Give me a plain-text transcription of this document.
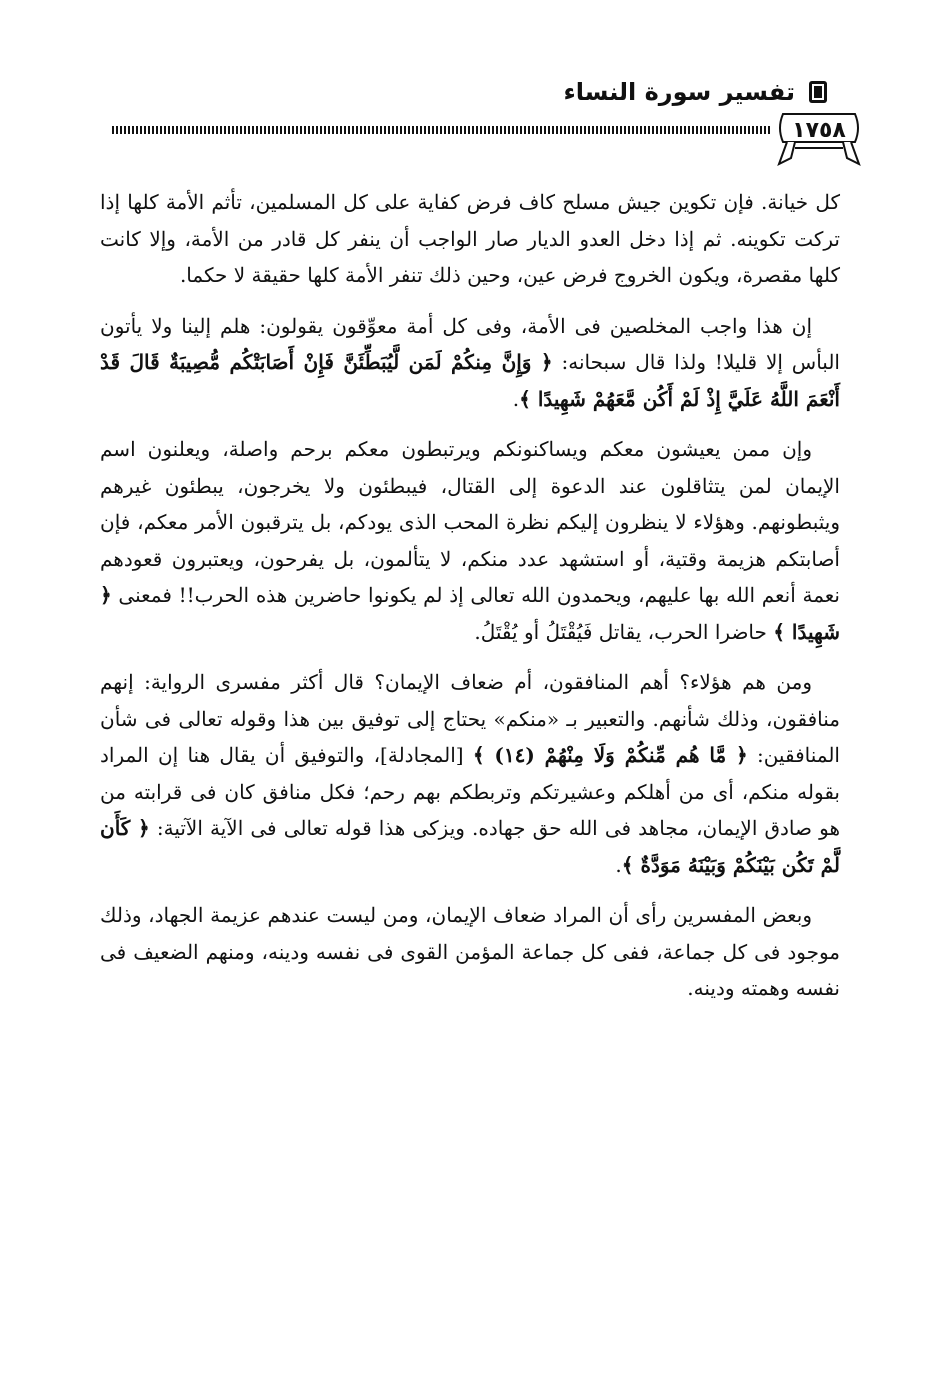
تفسير سورة النساء
١٧٥٨

كل خيانة. فإن تكوين جيش مسلح كاف فرض كفاية على كل المسلمين، تأثم الأمة كلها إذا تركت تكوينه. ثم إذا دخل العدو الديار صار الواجب أن ينفر كل قادر من الأمة، وإلا كانت كلها مقصرة، ويكون الخروج فرض عين، وحين ذلك تنفر الأمة كلها حقيقة لا حكما.

إن هذا واجب المخلصين فى الأمة، وفى كل أمة معوِّقون يقولون: هلم إلينا ولا يأتون البأس إلا قليلا! ولذا قال سبحانه: ﴿ وَإِنَّ مِنكُمْ لَمَن لَّيُبَطِّئَنَّ فَإِنْ أَصَابَتْكُم مُّصِيبَةٌ قَالَ قَدْ أَنْعَمَ اللَّهُ عَلَيَّ إِذْ لَمْ أَكُن مَّعَهُمْ شَهِيدًا ﴾.

وإن ممن يعيشون معكم ويساكنونكم ويرتبطون معكم برحم واصلة، ويعلنون اسم الإيمان لمن يتثاقلون عند الدعوة إلى القتال، فيبطئون ولا يخرجون، يبطئون غيرهم ويثبطونهم. وهؤلاء لا ينظرون إليكم نظرة المحب الذى يودكم، بل يترقبون الأمر معكم، فإن أصابتكم هزيمة وقتية، أو استشهد عدد منكم، لا يتألمون، بل يفرحون، ويعتبرون قعودهم نعمة أنعم الله بها عليهم، ويحمدون الله تعالى إذ لم يكونوا حاضرين هذه الحرب!! فمعنى ﴿ شَهِيدًا ﴾ حاضرا الحرب، يقاتل فَيُقْتَلُ أو يُقْتَلُ.

ومن هم هؤلاء؟ أهم المنافقون، أم ضعاف الإيمان؟ قال أكثر مفسرى الرواية: إنهم منافقون، وذلك شأنهم. والتعبير بـ «منكم» يحتاج إلى توفيق بين هذا وقوله تعالى فى شأن المنافقين: ﴿ مَّا هُم مِّنكُمْ وَلَا مِنْهُمْ (١٤) ﴾ [المجادلة]، والتوفيق أن يقال هنا إن المراد بقوله منكم، أى من أهلكم وعشيرتكم وتربطكم بهم رحم؛ فكل منافق كان فى قرابته من هو صادق الإيمان، مجاهد فى الله حق جهاده. ويزكى هذا قوله تعالى فى الآية الآتية: ﴿ كَأَن لَّمْ تَكُن بَيْنَكُمْ وَبَيْنَهُ مَوَدَّةٌ ﴾.

وبعض المفسرين رأى أن المراد ضعاف الإيمان، ومن ليست عندهم عزيمة الجهاد، وذلك موجود فى كل جماعة، ففى كل جماعة المؤمن القوى فى نفسه ودينه، ومنهم الضعيف فى نفسه وهمته ودينه.
